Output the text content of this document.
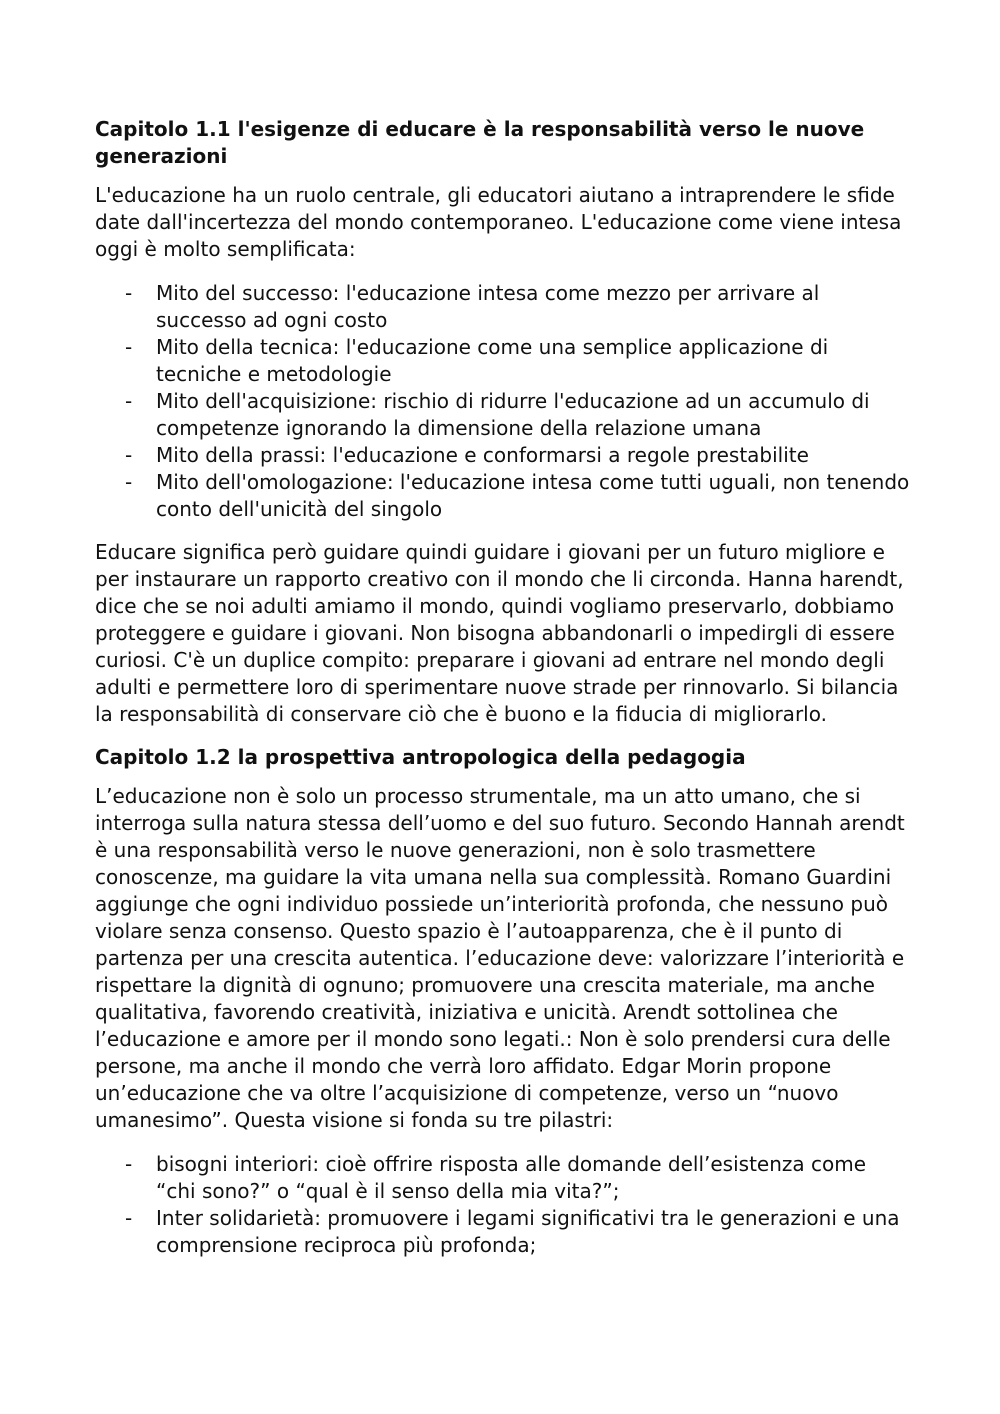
Capitolo 1.1 l'esigenze di educare è la responsabilità verso le nuove generazioni

L'educazione ha un ruolo centrale, gli educatori aiutano a intraprendere le sfide date dall'incertezza del mondo contemporaneo. L'educazione come viene intesa oggi è molto semplificata:

- Mito del successo: l'educazione intesa come mezzo per arrivare al successo ad ogni costo
- Mito della tecnica: l'educazione come una semplice applicazione di tecniche e metodologie
- Mito dell'acquisizione: rischio di ridurre l'educazione ad un accumulo di competenze ignorando la dimensione della relazione umana
- Mito della prassi: l'educazione e conformarsi a regole prestabilite
- Mito dell'omologazione: l'educazione intesa come tutti uguali, non tenendo conto dell'unicità del singolo

Educare significa però guidare quindi guidare i giovani per un futuro migliore e per instaurare un rapporto creativo con il mondo che li circonda. Hanna harendt, dice che se noi adulti amiamo il mondo, quindi vogliamo preservarlo, dobbiamo proteggere e guidare i giovani. Non bisogna abbandonarli o impedirgli di essere curiosi. C'è un duplice compito: preparare i giovani ad entrare nel mondo degli adulti e permettere loro di sperimentare nuove strade per rinnovarlo. Si bilancia la responsabilità di conservare ciò che è buono e la fiducia di migliorarlo.

Capitolo 1.2 la prospettiva antropologica della pedagogia

L’educazione non è solo un processo strumentale, ma un atto umano, che si interroga sulla natura stessa dell’uomo e del suo futuro. Secondo Hannah arendt è una responsabilità verso le nuove generazioni, non è solo trasmettere conoscenze, ma guidare la vita umana nella sua complessità. Romano Guardini aggiunge che ogni individuo possiede un’interiorità profonda, che nessuno può violare senza consenso. Questo spazio è l’autoapparenza, che è il punto di partenza per una crescita autentica. l’educazione deve: valorizzare l’interiorità e rispettare la dignità di ognuno; promuovere una crescita materiale, ma anche qualitativa, favorendo creatività, iniziativa e unicità. Arendt sottolinea che l’educazione e amore per il mondo sono legati.: Non è solo prendersi cura delle persone, ma anche il mondo che verrà loro affidato. Edgar Morin propone un’educazione che va oltre l’acquisizione di competenze, verso un “nuovo umanesimo”. Questa visione si fonda su tre pilastri:

- bisogni interiori: cioè offrire risposta alle domande dell’esistenza come “chi sono?” o “qual è il senso della mia vita?”;
- Inter solidarietà: promuovere i legami significativi tra le generazioni e una comprensione reciproca più profonda;
